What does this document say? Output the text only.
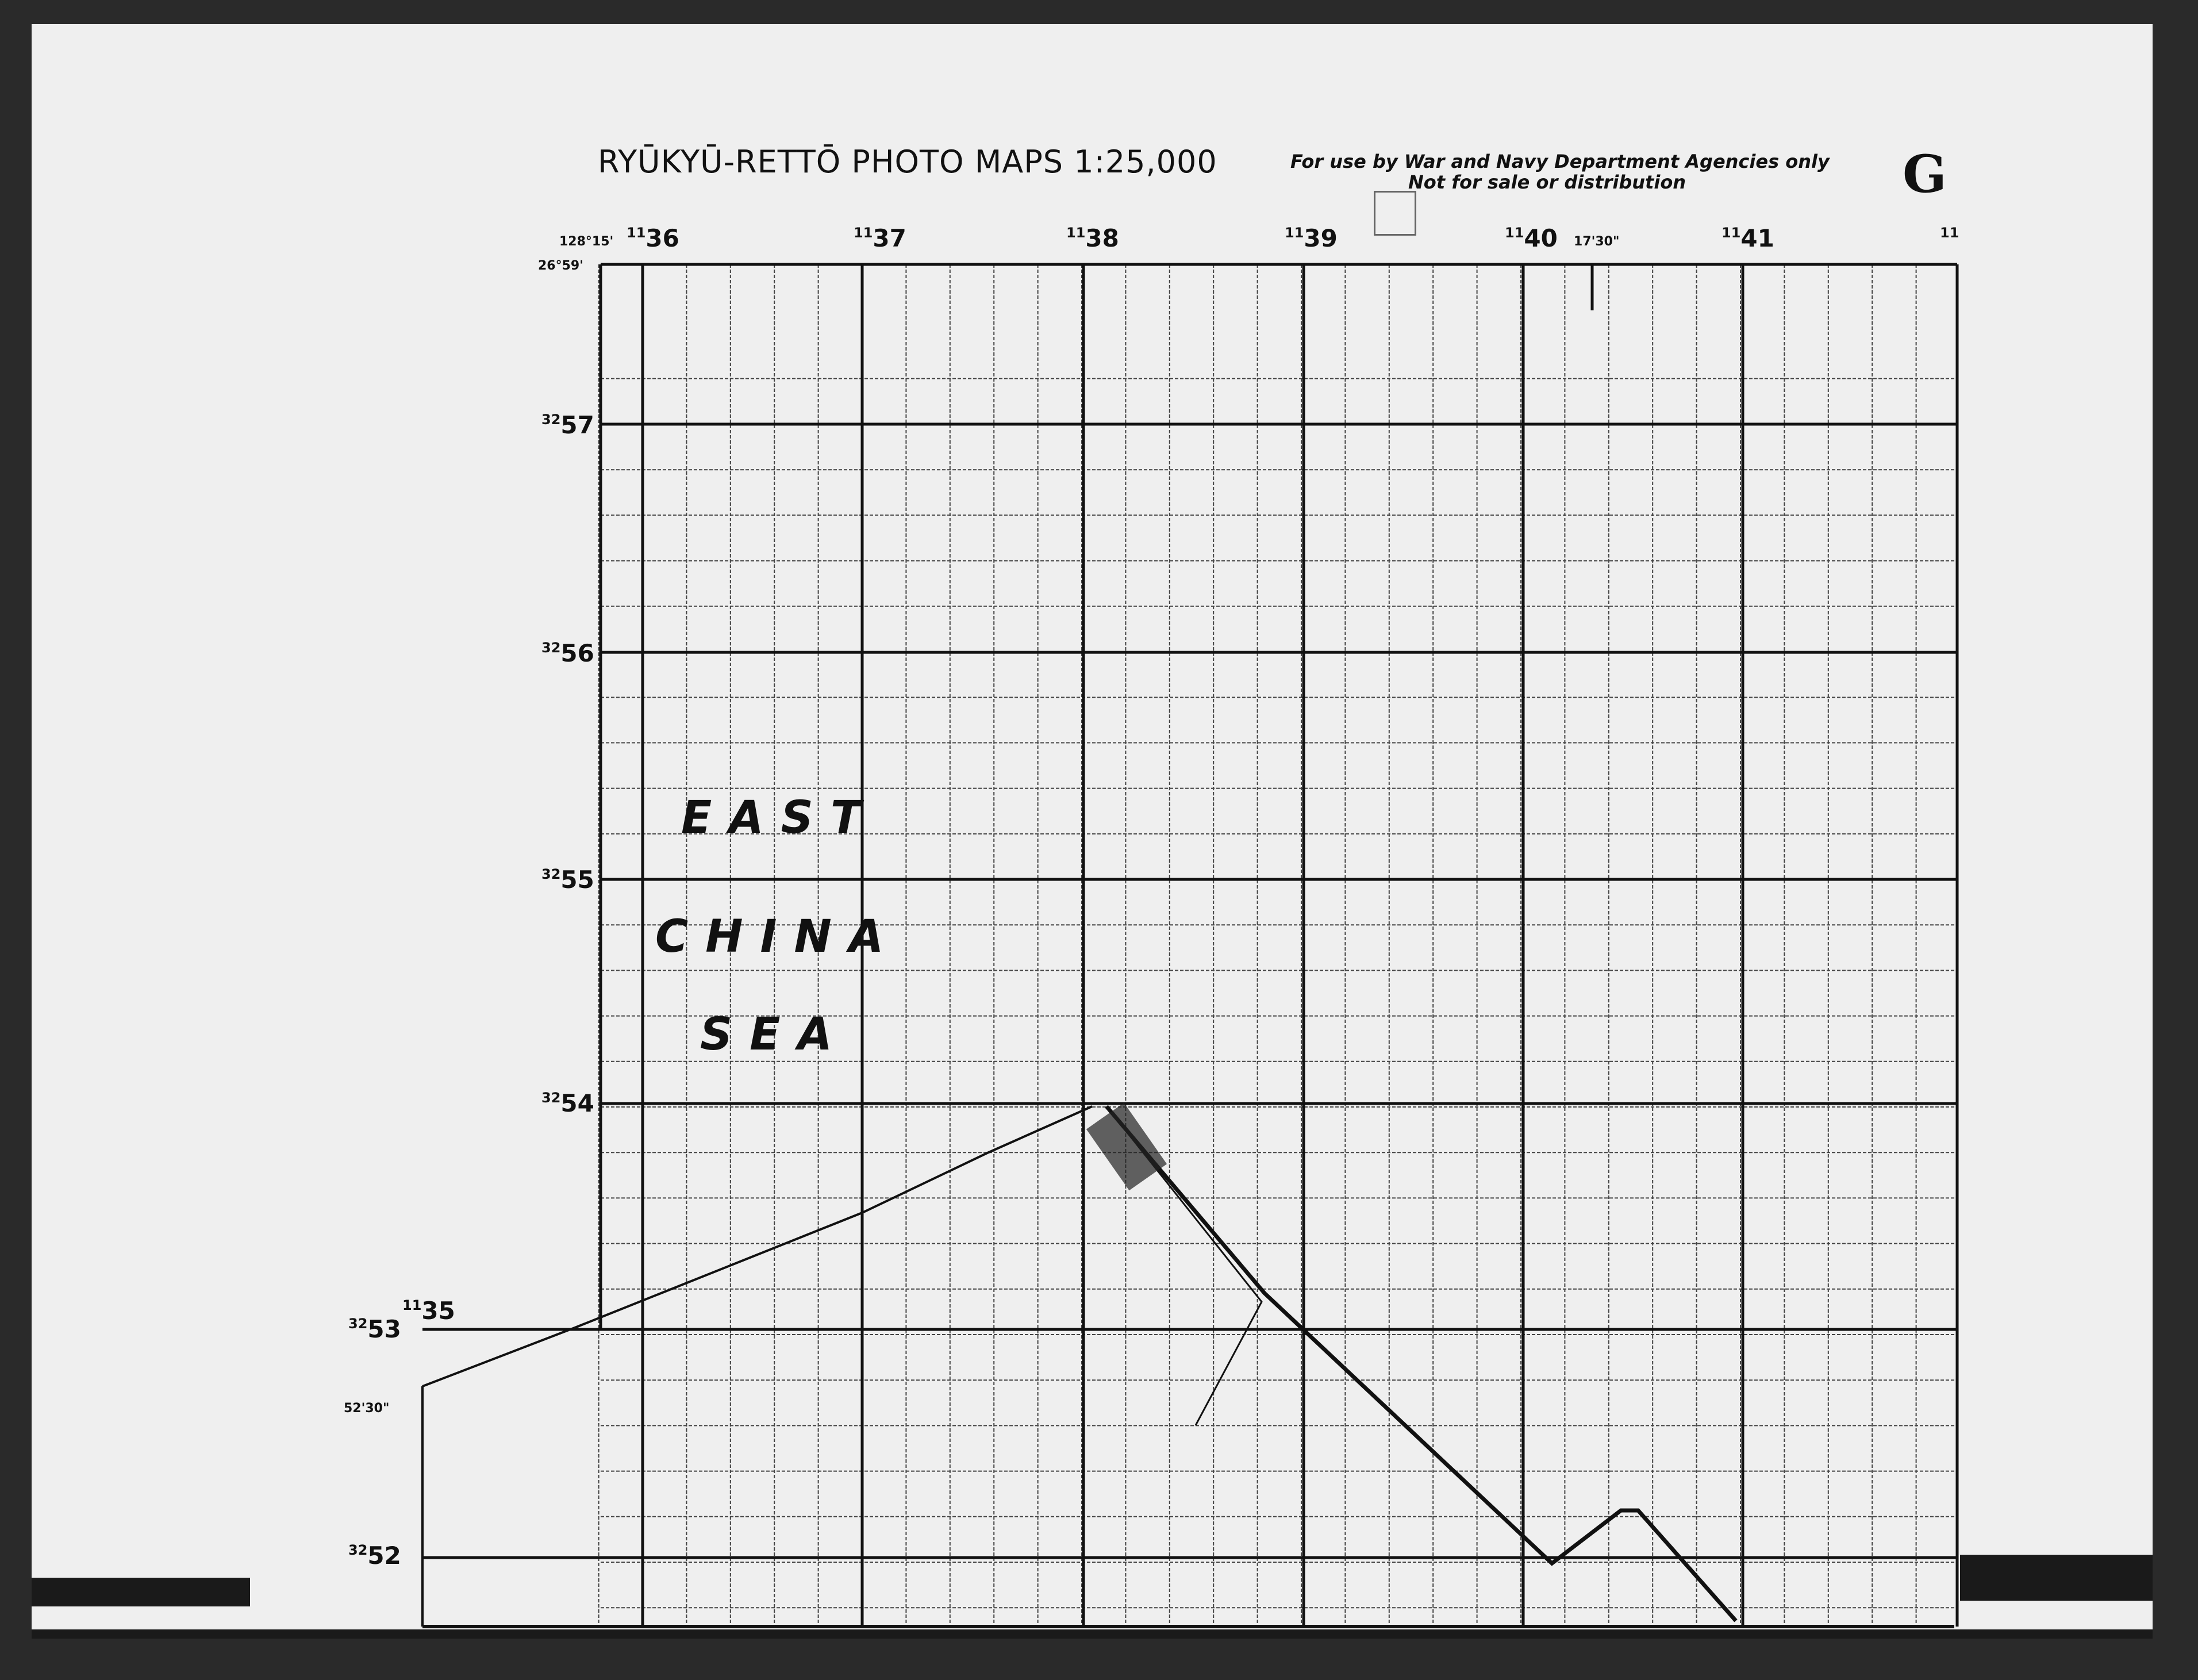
RYŪKYŪ-RETTŌ PHOTO MAPS 1:25,000	For use by War and Navy Department Agencies only
Not for sale or distribution	G
128°15'
26°59'
17'30"
52'30"
$^{11}$35
$^{11}$36	$^{11}$37	$^{11}$38	$^{11}$39	$^{11}$40	$^{11}$41	$^{11}$
$^{32}$57
$^{32}$56
$^{32}$55
$^{32}$54
$^{32}$53
$^{32}$52
EAST
CHINA
SEA
